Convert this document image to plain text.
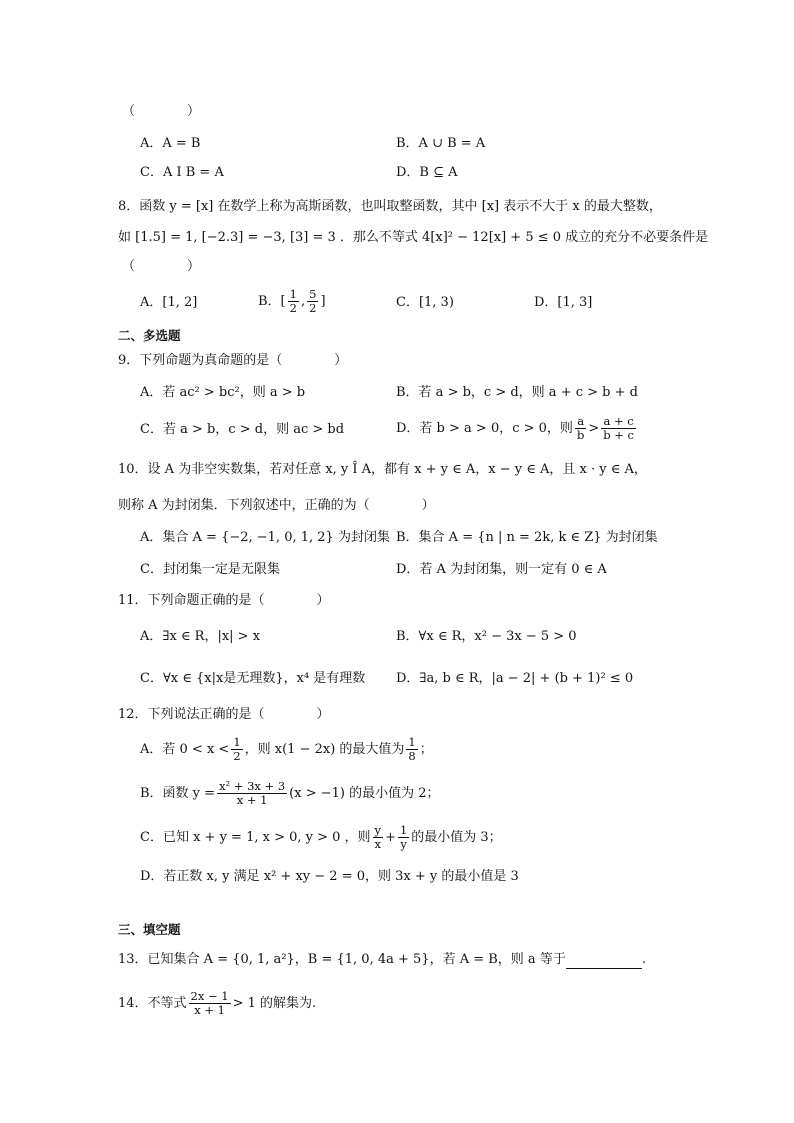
（　　　　）
A．A = B	B．A ∪ B = A
C．A I B = A	D．B ⊆ A
8．函数 y = [x] 在数学上称为高斯函数，也叫取整函数，其中 [x] 表示不大于 x 的最大整数，
如 [1.5] = 1, [−2.3] = −3, [3] = 3 ．那么不等式 4[x]² − 12[x] + 5 ≤ 0 成立的充分不必要条件是
（　　　　）
A．[1, 2]	B．[ $\frac{1}{2}$ , $\frac{5}{2}$ ]	C．[1, 3)	D．[1, 3]
二、多选题
9．下列命题为真命题的是（　　　　）
A．若 ac² > bc²，则 a > b	B．若 a > b，c > d，则 a + c > b + d
C．若 a > b，c > d，则 ac > bd	D．若 b > a > 0，c > 0，则 $\frac{a}{b} > \frac{a + c}{b + c}$
10．设 A 为非空实数集，若对任意 x, y Î A，都有 x + y ∈ A，x − y ∈ A，且 x · y ∈ A，
则称 A 为封闭集．下列叙述中，正确的为（　　　　）
A．集合 A = {−2, −1, 0, 1, 2} 为封闭集 B．集合 A = {n | n = 2k, k ∈ Z} 为封闭集
C．封闭集一定是无限集	D．若 A 为封闭集，则一定有 0 ∈ A
11．下列命题正确的是（　　　　）
A．∃x ∈ R，|x| > x	B．∀x ∈ R，x² − 3x − 5 > 0
C．∀x ∈ {x|x是无理数}，x⁴ 是有理数 D．∃a, b ∈ R，|a − 2| + (b + 1)² ≤ 0
12．下列说法正确的是（　　　　）
A．若 $0 < x < \frac{1}{2}$ ，则 x(1 − 2x) 的最大值为 $\frac{1}{8}$ ；
B．函数 $y = \frac{\text{x² + 3x + 3}}{x + 1} (x > -1)$ 的最小值为 2；
C．已知 x + y = 1, x > 0, y > 0 ，则 $\frac{y}{x} + \frac{1}{y}$ 的最小值为 3；
D．若正数 x, y 满足 x² + xy − 2 = 0，则 3x + y 的最小值是 3
三、填空题
13．已知集合 A = {0, 1, a²}，B = {1, 0, 4a + 5}，若 A = B，则 a 等于	.
14．不等式 $\frac{2x - 1}{x + 1} > 1$ 的解集为.
